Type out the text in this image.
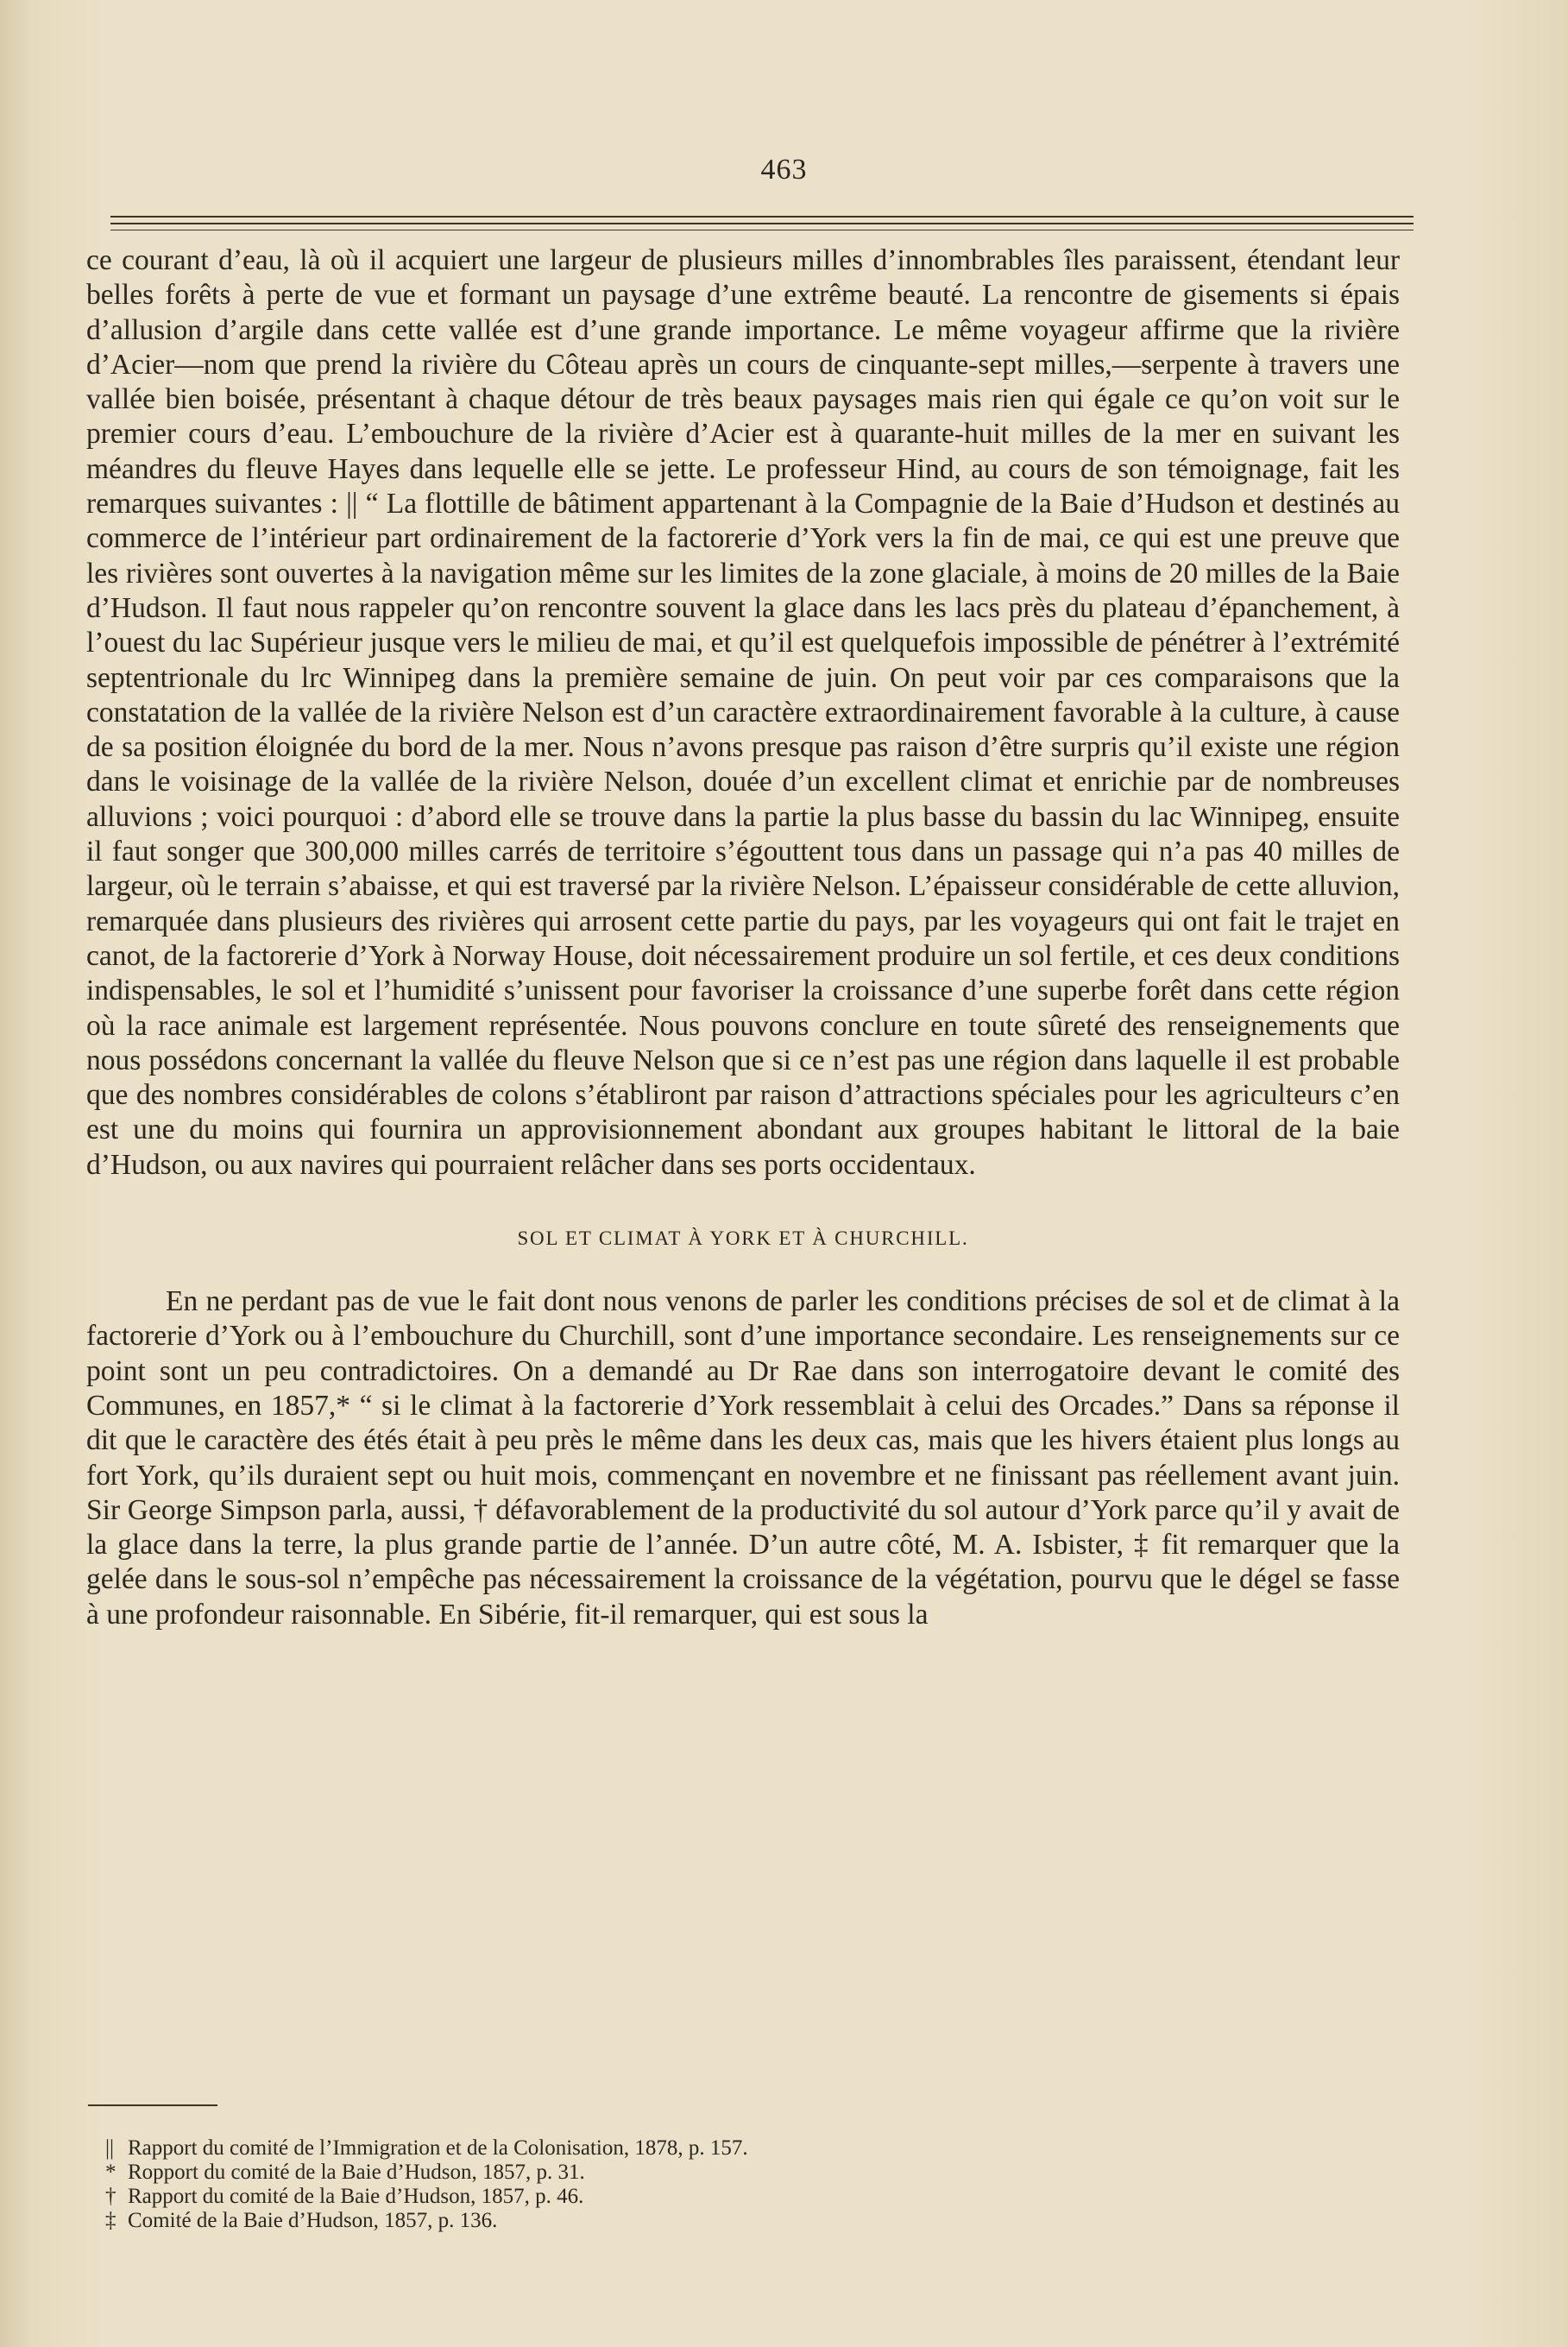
463

ce courant d’eau, là où il acquiert une largeur de plusieurs milles d’innombrables îles paraissent, étendant leur belles forêts à perte de vue et formant un paysage d’une extrême beauté. La rencontre de gisements si épais d’allusion d’argile dans cette vallée est d’une grande importance. Le même voyageur affirme que la rivière d’Acier—nom que prend la rivière du Côteau après un cours de cinquante-sept milles,—serpente à travers une vallée bien boisée, présentant à chaque détour de très beaux paysages mais rien qui égale ce qu’on voit sur le premier cours d’eau. L’embouchure de la rivière d’Acier est à quarante-huit milles de la mer en suivant les méandres du fleuve Hayes dans lequelle elle se jette. Le professeur Hind, au cours de son témoignage, fait les remarques suivantes : || “ La flottille de bâtiment appartenant à la Compagnie de la Baie d’Hudson et destinés au commerce de l’intérieur part ordinairement de la factorerie d’York vers la fin de mai, ce qui est une preuve que les rivières sont ouvertes à la navigation même sur les limites de la zone glaciale, à moins de 20 milles de la Baie d’Hudson. Il faut nous rappeler qu’on rencontre souvent la glace dans les lacs près du plateau d’épanchement, à l’ouest du lac Supérieur jusque vers le milieu de mai, et qu’il est quelquefois impossible de pénétrer à l’extrémité septentrionale du lrc Winnipeg dans la première semaine de juin. On peut voir par ces comparaisons que la constatation de la vallée de la rivière Nelson est d’un caractère extraordinairement favorable à la culture, à cause de sa position éloignée du bord de la mer. Nous n’avons presque pas raison d’être surpris qu’il existe une région dans le voisinage de la vallée de la rivière Nelson, douée d’un excellent climat et enrichie par de nombreuses alluvions ; voici pourquoi : d’abord elle se trouve dans la partie la plus basse du bassin du lac Winnipeg, ensuite il faut songer que 300,000 milles carrés de territoire s’égouttent tous dans un passage qui n’a pas 40 milles de largeur, où le terrain s’abaisse, et qui est traversé par la rivière Nelson. L’épaisseur considérable de cette alluvion, remarquée dans plusieurs des rivières qui arrosent cette partie du pays, par les voyageurs qui ont fait le trajet en canot, de la factorerie d’York à Norway House, doit nécessairement produire un sol fertile, et ces deux conditions indispensables, le sol et l’humidité s’unissent pour favoriser la croissance d’une superbe forêt dans cette région où la race animale est largement représentée. Nous pouvons conclure en toute sûreté des renseignements que nous possédons concernant la vallée du fleuve Nelson que si ce n’est pas une région dans laquelle il est probable que des nombres considérables de colons s’établiront par raison d’attractions spéciales pour les agriculteurs c’en est une du moins qui fournira un approvisionnement abondant aux groupes habitant le littoral de la baie d’Hudson, ou aux navires qui pourraient relâcher dans ses ports occidentaux.

SOL ET CLIMAT À YORK ET À CHURCHILL.

En ne perdant pas de vue le fait dont nous venons de parler les conditions précises de sol et de climat à la factorerie d’York ou à l’embouchure du Churchill, sont d’une importance secondaire. Les renseignements sur ce point sont un peu contradictoires. On a demandé au Dr Rae dans son interrogatoire devant le comité des Communes, en 1857,* “ si le climat à la factorerie d’York ressemblait à celui des Orcades.” Dans sa réponse il dit que le caractère des étés était à peu près le même dans les deux cas, mais que les hivers étaient plus longs au fort York, qu’ils duraient sept ou huit mois, commençant en novembre et ne finissant pas réellement avant juin. Sir George Simpson parla, aussi, † défavorablement de la productivité du sol autour d’York parce qu’il y avait de la glace dans la terre, la plus grande partie de l’année. D’un autre côté, M. A. Isbister, ‡ fit remarquer que la gelée dans le sous-sol n’empêche pas nécessairement la croissance de la végétation, pourvu que le dégel se fasse à une profondeur raisonnable. En Sibérie, fit-il remarquer, qui est sous la

|| Rapport du comité de l’Immigration et de la Colonisation, 1878, p. 157.

* Ropport du comité de la Baie d’Hudson, 1857, p. 31.

† Rapport du comité de la Baie d’Hudson, 1857, p. 46.

‡ Comité de la Baie d’Hudson, 1857, p. 136.
